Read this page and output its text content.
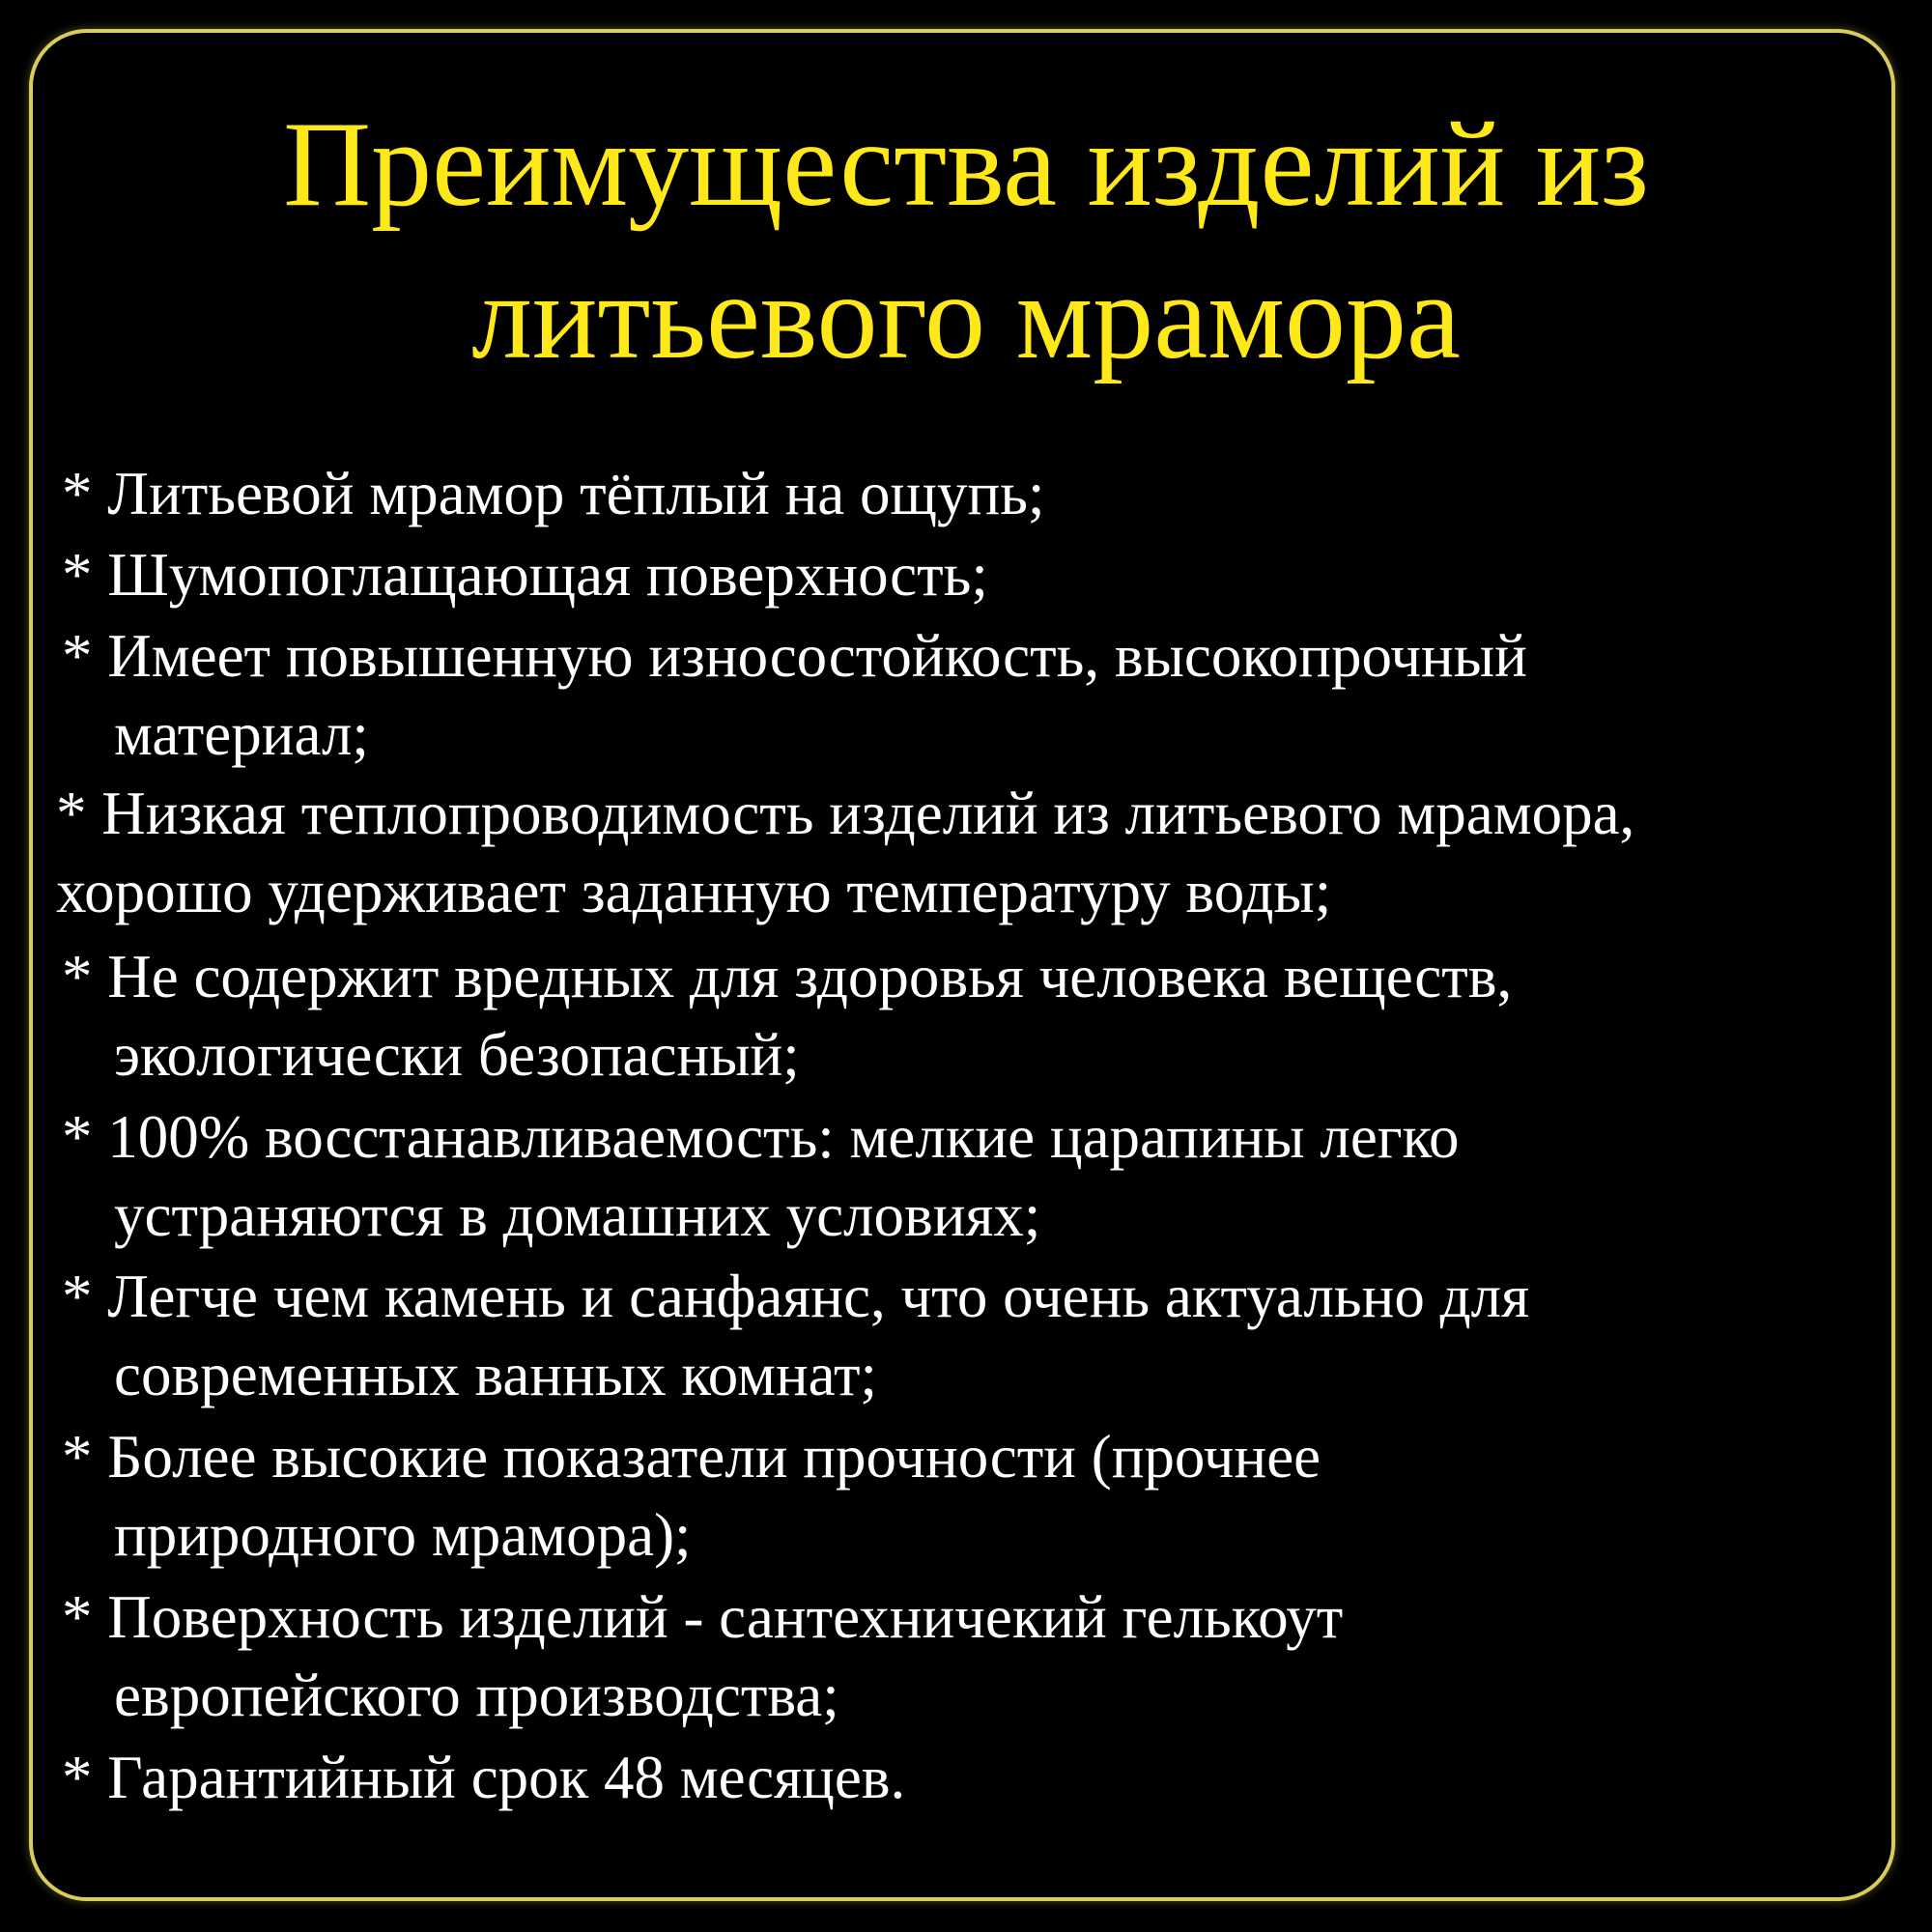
Преимущества изделий из
литьевого мрамора
* Литьевой мрамор тёплый на ощупь;
* Шумопоглащающая поверхность;
* Имеет повышенную износостойкость, высокопрочный
материал;
* Низкая теплопроводимость изделий из литьевого мрамора,
хорошо удерживает заданную температуру воды;
* Не содержит вредных для здоровья человека веществ,
экологически безопасный;
* 100% восстанавливаемость: мелкие царапины легко
устраняются в домашних условиях;
* Легче чем камень и санфаянс, что очень актуально для
современных ванных комнат;
* Более высокие показатели прочности (прочнее
природного мрамора);
* Поверхность изделий - сантехничекий гелькоут
европейского производства;
* Гарантийный срок 48 месяцев.
